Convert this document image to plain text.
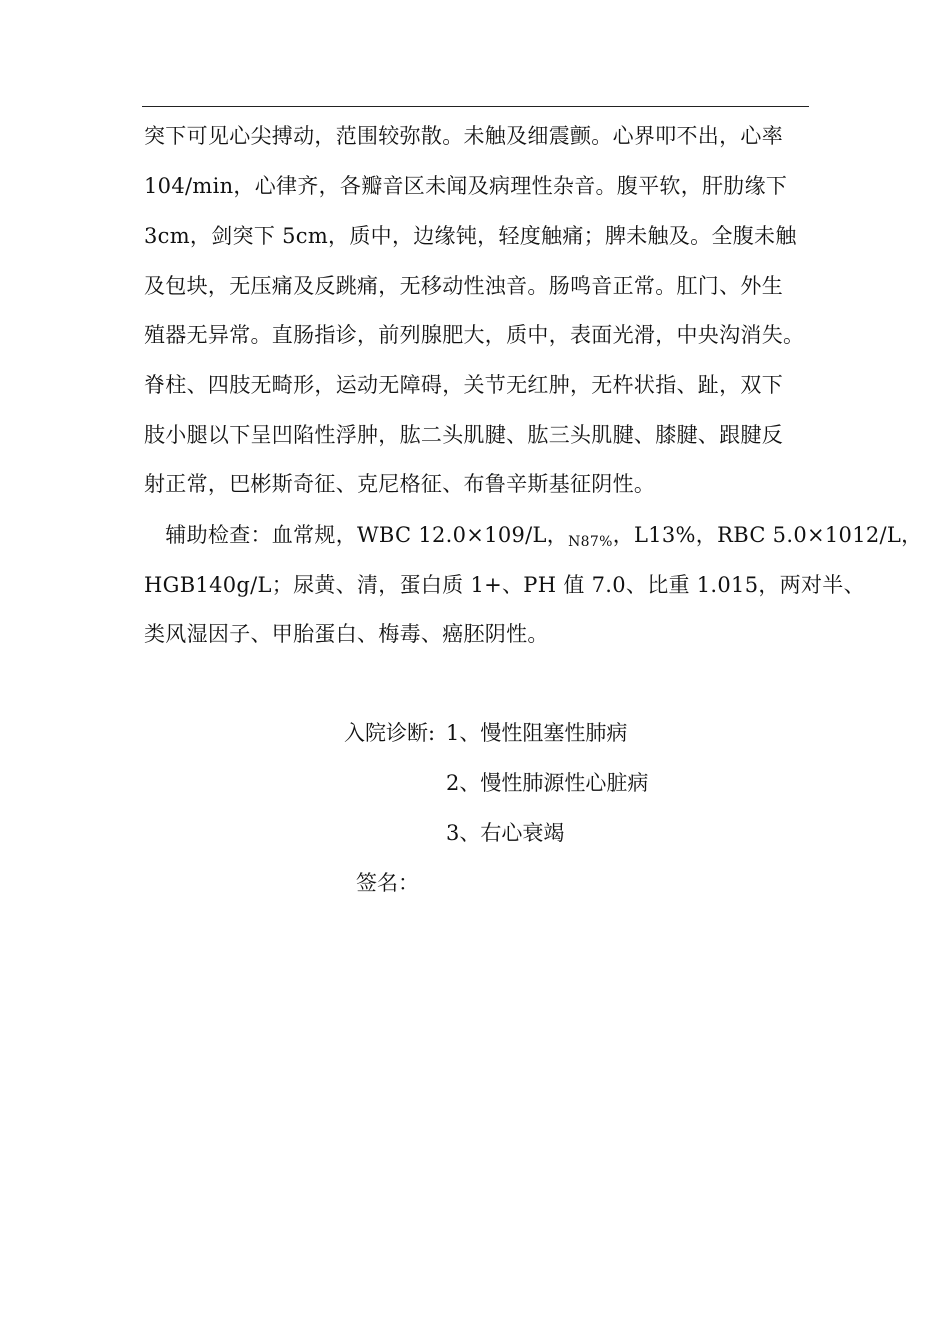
突下可见心尖搏动，范围较弥散。未触及细震颤。心界叩不出，心率
104/min，心律齐，各瓣音区未闻及病理性杂音。腹平软，肝肋缘下
3cm，剑突下 5cm，质中，边缘钝，轻度触痛；脾未触及。全腹未触
及包块，无压痛及反跳痛，无移动性浊音。肠鸣音正常。肛门、外生
殖器无异常。直肠指诊，前列腺肥大，质中，表面光滑，中央沟消失。
脊柱、四肢无畸形，运动无障碍，关节无红肿，无杵状指、趾，双下
肢小腿以下呈凹陷性浮肿，肱二头肌腱、肱三头肌腱、膝腱、跟腱反
射正常，巴彬斯奇征、克尼格征、布鲁辛斯基征阴性。
　辅助检查：血常规，WBC 12.0×109/L，N87%，L13%，RBC 5.0×1012/L，
HGB140g/L；尿黄、清，蛋白质 1+、PH 值 7.0、比重 1.015，两对半、
类风湿因子、甲胎蛋白、梅毒、癌胚阴性。
入院诊断: 1、慢性阻塞性肺病
2、慢性肺源性心脏病
3、右心衰竭
签名：
